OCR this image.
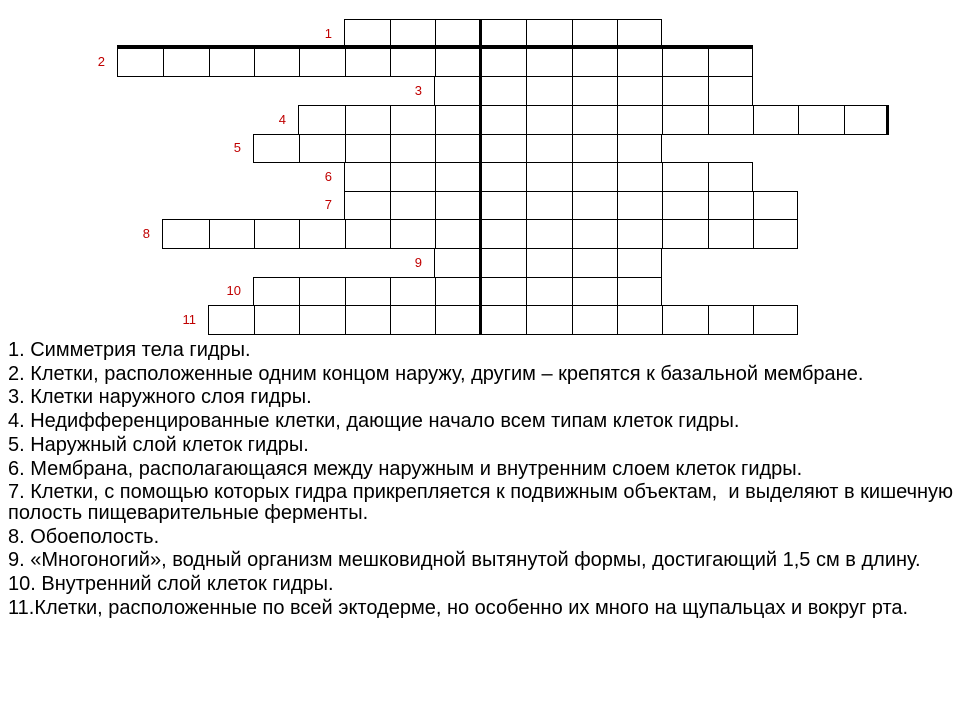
1
2
3
4
5
6
7
8
9
10
11

1. Симметрия тела гидры.

2. Клетки, расположенные одним концом наружу, другим – крепятся к базальной мембране.

3. Клетки наружного слоя гидры.

4. Недифференцированные клетки, дающие начало всем типам клеток гидры.

5. Наружный слой клеток гидры.

6. Мембрана, располагающаяся между наружным и внутренним слоем клеток гидры.

7. Клетки, с помощью которых гидра прикрепляется к подвижным объектам,  и выделяют в кишечную полость пищеварительные ферменты.

8. Обоеполость.

9. «Многоногий», водный организм мешковидной вытянутой формы, достигающий 1,5 см в длину.

10. Внутренний слой клеток гидры.

11.Клетки, расположенные по всей эктодерме, но особенно их много на щупальцах и вокруг рта.
